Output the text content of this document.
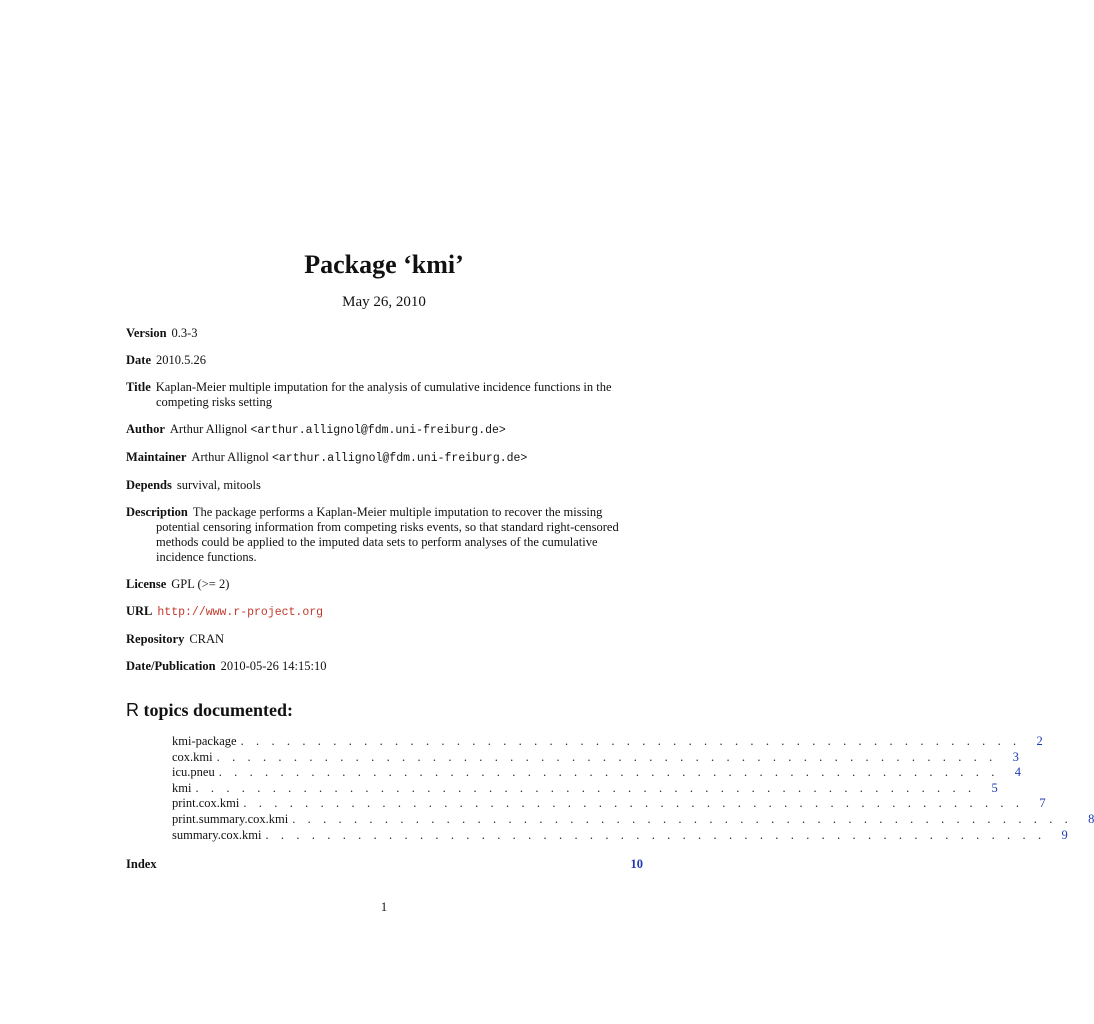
Package ‘kmi’
May 26, 2010

Version 0.3-3

Date 2010.5.26

Title Kaplan-Meier multiple imputation for the analysis of cumulative incidence functions in the competing risks setting

Author Arthur Allignol <arthur.allignol@fdm.uni-freiburg.de>

Maintainer Arthur Allignol <arthur.allignol@fdm.uni-freiburg.de>

Depends survival, mitools

Description The package performs a Kaplan-Meier multiple imputation to recover the missing potential censoring information from competing risks events, so that standard right-censored methods could be applied to the imputed data sets to perform analyses of the cumulative incidence functions.

License GPL (>= 2)

URL http://www.r-project.org

Repository CRAN

Date/Publication 2010-05-26 14:15:10

R topics documented:
kmi-package . . . . . . . . . . . . . . . . . . . . . . . . . . . . . . . . . . . . . . . . . . . . . . . . . . .	2
cox.kmi . . . . . . . . . . . . . . . . . . . . . . . . . . . . . . . . . . . . . . . . . . . . . . . . . . .	3
icu.pneu . . . . . . . . . . . . . . . . . . . . . . . . . . . . . . . . . . . . . . . . . . . . . . . . . . .	4
kmi . . . . . . . . . . . . . . . . . . . . . . . . . . . . . . . . . . . . . . . . . . . . . . . . . . .	5
print.cox.kmi . . . . . . . . . . . . . . . . . . . . . . . . . . . . . . . . . . . . . . . . . . . . . . . . . . .	7
print.summary.cox.kmi . . . . . . . . . . . . . . . . . . . . . . . . . . . . . . . . . . . . . . . . . . . . . . . . . . .	8
summary.cox.kmi . . . . . . . . . . . . . . . . . . . . . . . . . . . . . . . . . . . . . . . . . . . . . . . . . . .	9
Index	10
1
